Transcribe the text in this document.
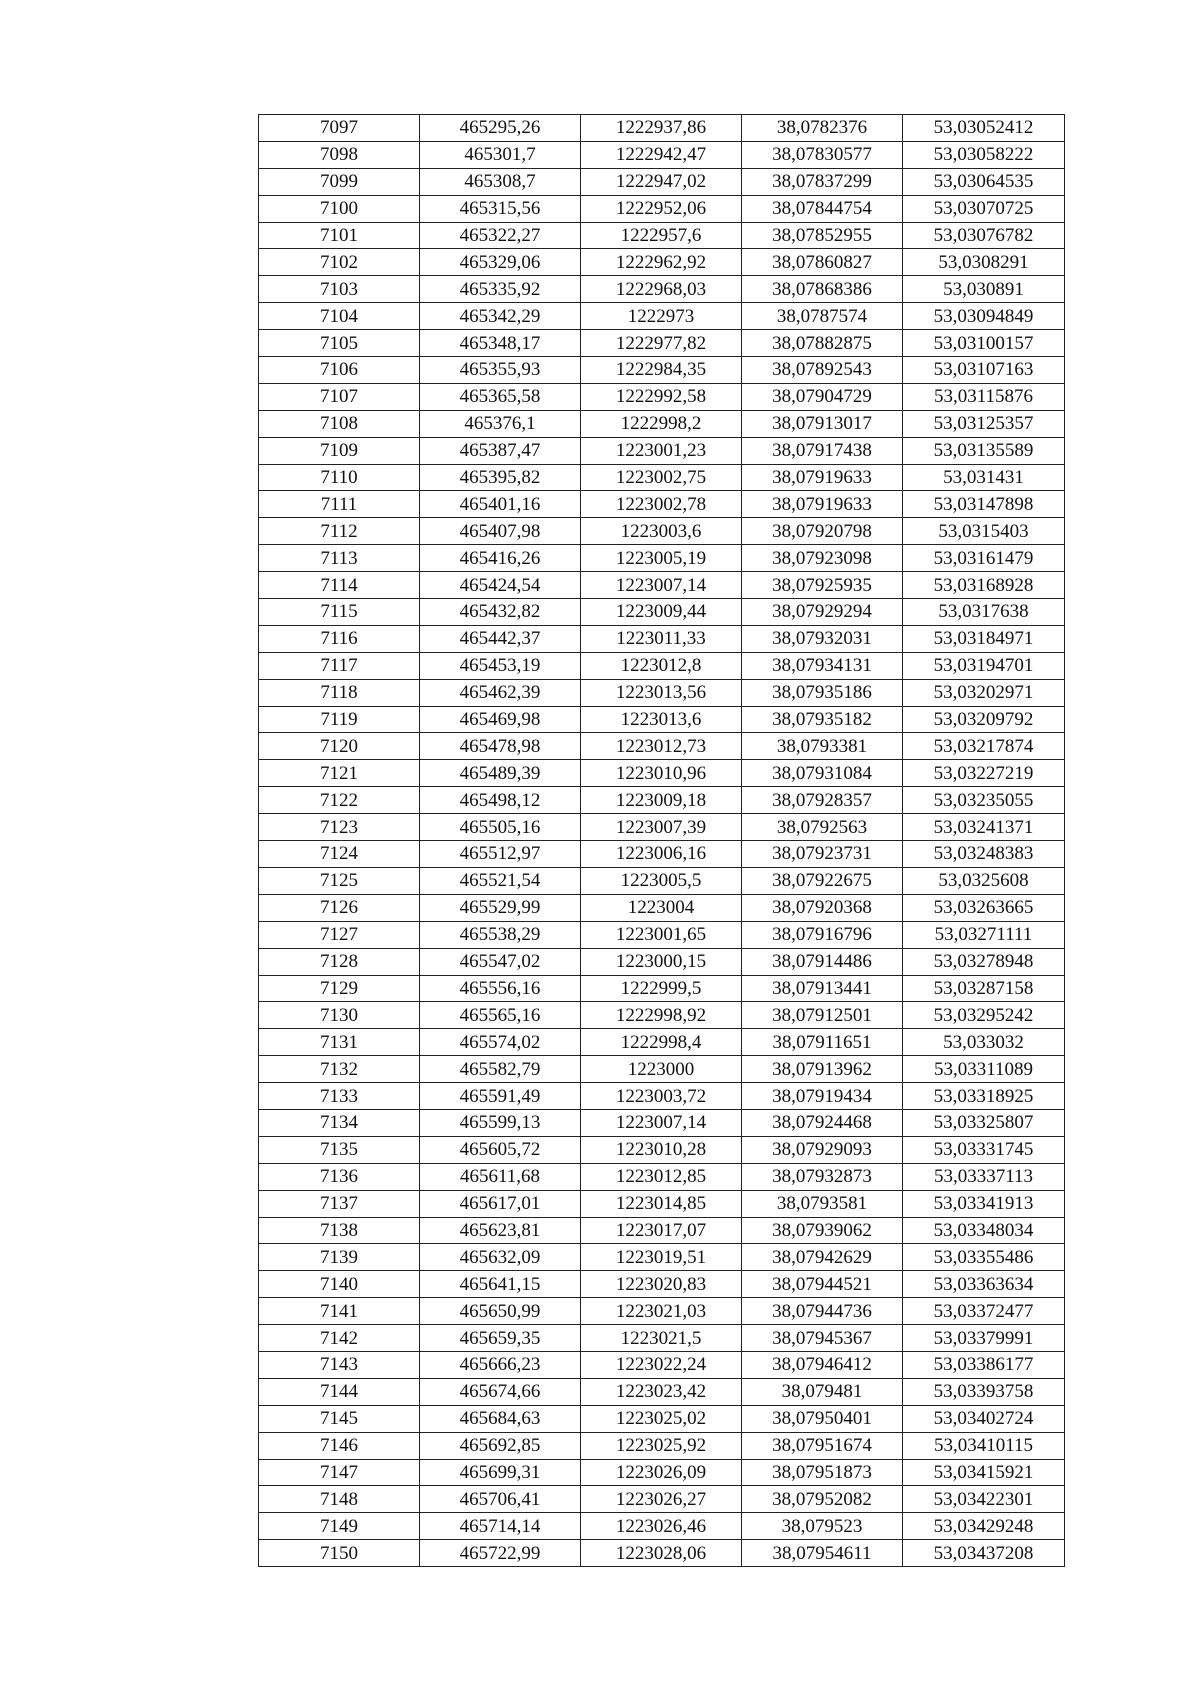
7097	465295,26	1222937,86	38,0782376	53,03052412
7098	465301,7	1222942,47	38,07830577	53,03058222
7099	465308,7	1222947,02	38,07837299	53,03064535
7100	465315,56	1222952,06	38,07844754	53,03070725
7101	465322,27	1222957,6	38,07852955	53,03076782
7102	465329,06	1222962,92	38,07860827	53,0308291
7103	465335,92	1222968,03	38,07868386	53,030891
7104	465342,29	1222973	38,0787574	53,03094849
7105	465348,17	1222977,82	38,07882875	53,03100157
7106	465355,93	1222984,35	38,07892543	53,03107163
7107	465365,58	1222992,58	38,07904729	53,03115876
7108	465376,1	1222998,2	38,07913017	53,03125357
7109	465387,47	1223001,23	38,07917438	53,03135589
7110	465395,82	1223002,75	38,07919633	53,031431
7111	465401,16	1223002,78	38,07919633	53,03147898
7112	465407,98	1223003,6	38,07920798	53,0315403
7113	465416,26	1223005,19	38,07923098	53,03161479
7114	465424,54	1223007,14	38,07925935	53,03168928
7115	465432,82	1223009,44	38,07929294	53,0317638
7116	465442,37	1223011,33	38,07932031	53,03184971
7117	465453,19	1223012,8	38,07934131	53,03194701
7118	465462,39	1223013,56	38,07935186	53,03202971
7119	465469,98	1223013,6	38,07935182	53,03209792
7120	465478,98	1223012,73	38,0793381	53,03217874
7121	465489,39	1223010,96	38,07931084	53,03227219
7122	465498,12	1223009,18	38,07928357	53,03235055
7123	465505,16	1223007,39	38,0792563	53,03241371
7124	465512,97	1223006,16	38,07923731	53,03248383
7125	465521,54	1223005,5	38,07922675	53,0325608
7126	465529,99	1223004	38,07920368	53,03263665
7127	465538,29	1223001,65	38,07916796	53,03271111
7128	465547,02	1223000,15	38,07914486	53,03278948
7129	465556,16	1222999,5	38,07913441	53,03287158
7130	465565,16	1222998,92	38,07912501	53,03295242
7131	465574,02	1222998,4	38,07911651	53,033032
7132	465582,79	1223000	38,07913962	53,03311089
7133	465591,49	1223003,72	38,07919434	53,03318925
7134	465599,13	1223007,14	38,07924468	53,03325807
7135	465605,72	1223010,28	38,07929093	53,03331745
7136	465611,68	1223012,85	38,07932873	53,03337113
7137	465617,01	1223014,85	38,0793581	53,03341913
7138	465623,81	1223017,07	38,07939062	53,03348034
7139	465632,09	1223019,51	38,07942629	53,03355486
7140	465641,15	1223020,83	38,07944521	53,03363634
7141	465650,99	1223021,03	38,07944736	53,03372477
7142	465659,35	1223021,5	38,07945367	53,03379991
7143	465666,23	1223022,24	38,07946412	53,03386177
7144	465674,66	1223023,42	38,079481	53,03393758
7145	465684,63	1223025,02	38,07950401	53,03402724
7146	465692,85	1223025,92	38,07951674	53,03410115
7147	465699,31	1223026,09	38,07951873	53,03415921
7148	465706,41	1223026,27	38,07952082	53,03422301
7149	465714,14	1223026,46	38,079523	53,03429248
7150	465722,99	1223028,06	38,07954611	53,03437208
